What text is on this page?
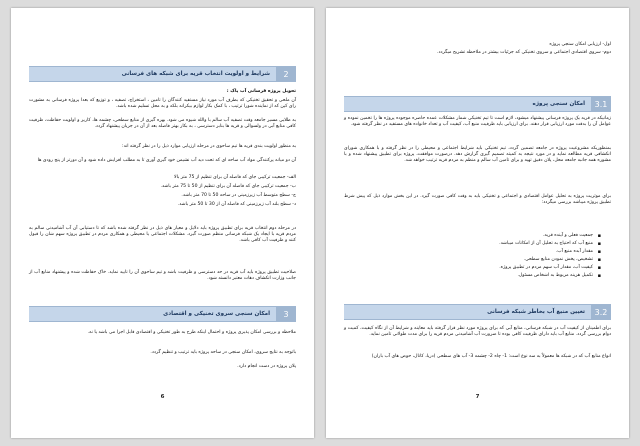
2
شرایط و اولویت انتخاب قریه برای شبکه های فرسانی

تحویل پروژه فرسانی آب پاک :

آن ملحی و تحقیق تخنیکی که بطرف آب مورد نیاز مستفید کنندگان را تامین ، استخراج، تصفیه ، و توزیع که بعدا پروژه فرسانی به مشورت رای کین که از نماینده شورا ترتیب ، با کمک بکار لوازم بیکرانه بلکه و به محل تسلیم شده باشد.

به طلایی مسیر جامعه وقت تصفیه آب سالم با والله شیوه می شود. بهره گیری از منابع سطحی، چشمه ها، کاریز و اولویت حفاظت، ظرفیت کافی منابع آبی در ولسوالی و قریه ها بنابر دسترسی ، به بکار بهتر فاصله بعد از آن در جریان پیشنهاد گردد.

به منظور اولویت بندی قریه ها تیم ساحوی در مرحله ارزیابی موارد ذیل را در نظر گرفته اند:

آن دو میانه پرکنندگی مواد آب ساحه ای که تحت دید آب نشیمن خود گیری آوری تا به مطلب افزایش داده شود و آن دورتر از پنج رودی ها

الف- جمعیت ترکیبی جای که فاصله آن برای تنظیم از 75 متر بالا

ب- جمعیت ترکیبی جای که فاصله آن برای تنظیم از 50 تا 75 متر باشد.

ج- سطح متوسط آب زیرزمینی در ساحه 50 تا 70 متر باشد.

د- سطح بلند آب زیرزمینی که فاصله آن از 30 تا 50 متر باشد.

در مرحله دوم انتخاب قریه برای تطبیق پروژه باید دلایل و معیار های ذیل در نظر گرفته شده باشد که تا دستیابی آن آب آشامیدنی سالم به مردم قریه با ایجاد یک شبکه فرسانی منظم صورت گیرد. مشکلات اجتماعی یا محیطی و همکاری مردم در تطبیق پروژه سهم شان را قبول کنند و ظرفیت آب کافی باشد.

صلاحیت تطبیق پروژه باید آب قریه در حد دسترسی و ظرفیت باشد و تیم ساحوی آن را تایید نماید. خاک حفاظت شده و پیشنهاد منابع آب از جانب وزارت انکشاف دهات معتبر دانسته شود.

3
امکان سنجی سروی تخنیکی و اقتصادی

ملاحظه و بررسی امکان پذیری پروژه و احتمال اینکه طرح به طور تخنیکی و اقتصادی قابل اجرا می باشد یا نه.

باتوجه به نتایج سروی، امکان سنجی در ساحه پروژه باید ترتیب و تنظیم گردد.

پلان پروژه در دست انجام دارد.

6

اول- ارزیابی امکان سنجی پروژه

دوم- سروی اقتصادی اجتماعی و سروی تخنیکی که جزئیات بیشتر در ملاحظه تشریح میگردد.

3.1
امکان سنجی پروژه

زمانیکه در قریه یک پروژه فرسانی پیشنهاد میشود، لازم است تا تیم تخنیکی شمار مشکلات عمده حاضره موجوده پروژه ها را تخمین نموده و عوامل آن را بدقت مورد ارزیابی قرار دهند. برای ارزیابی باید ظرفیت منبع آب، کیفیت آب و تعداد خانواده های مستفید در نظر گرفته شود.

بمنظوریکه مشروعیت پروژه در جامعه تضمین گردد، تیم تخنیکی باید شرایط اجتماعی و محیطی را در نظر گرفته و با همکاری شورای انکشافی قریه مطالعه نماید و در مورد نتیجه به کمیته تصمیم گیری گزارش دهد. درصورت موافقت، پروژه برای تطبیق پیشنهاد شده و با مشوره همه جانبه جامعه محل، پلان دقیق تهیه و برای تامین آب سالم و منظم به مردم قریه ترتیب خواهد شد.

برای موثریت پروژه به تحلیل عوامل اقتصادی و اجتماعی و تخنیکی باید به وقت کافی صورت گیرد. در این بخش موارد ذیل که پیش شرط تطبیق پروژه میباشد بررسی میگردد:

▪ جمعیت فعلی و آینده قریه.
▪ منبع آب که احتیاج به تحلیل آن از امکانات میباشد.
▪ مقدار آبده منبع آب.
▪ تشخیص، پخش نمودن منابع سطحی.
▪ کیفیت آب، مقدار آب سهم مردم در تطبیق پروژه.
▪ تکمیل هزینه مربوط به اشخاص مسئول.
3.2
تعیین منبع آب بخاطر شبکه فرسانی

برای اطمینان از کیفیت آب در شبکه فرسانی، منابع آبی که برای پروژه مورد نظر قرار گرفته باید معاینه و شرایط آن از نگاه کیفیت، کمیت و دوام بررسی گردد. منابع آب باید دارای ظرفیت کافی بوده تا ضرورت آب آشامیدنی مردم قریه را برای مدت طولانی تامین نماید.

انواع منابع آب که در شبکه ها معمولاً به سه نوع است: 1- چاه 2- چشمه 3- آب های سطحی (دریا، کانال، حوض های آب باران)

7
